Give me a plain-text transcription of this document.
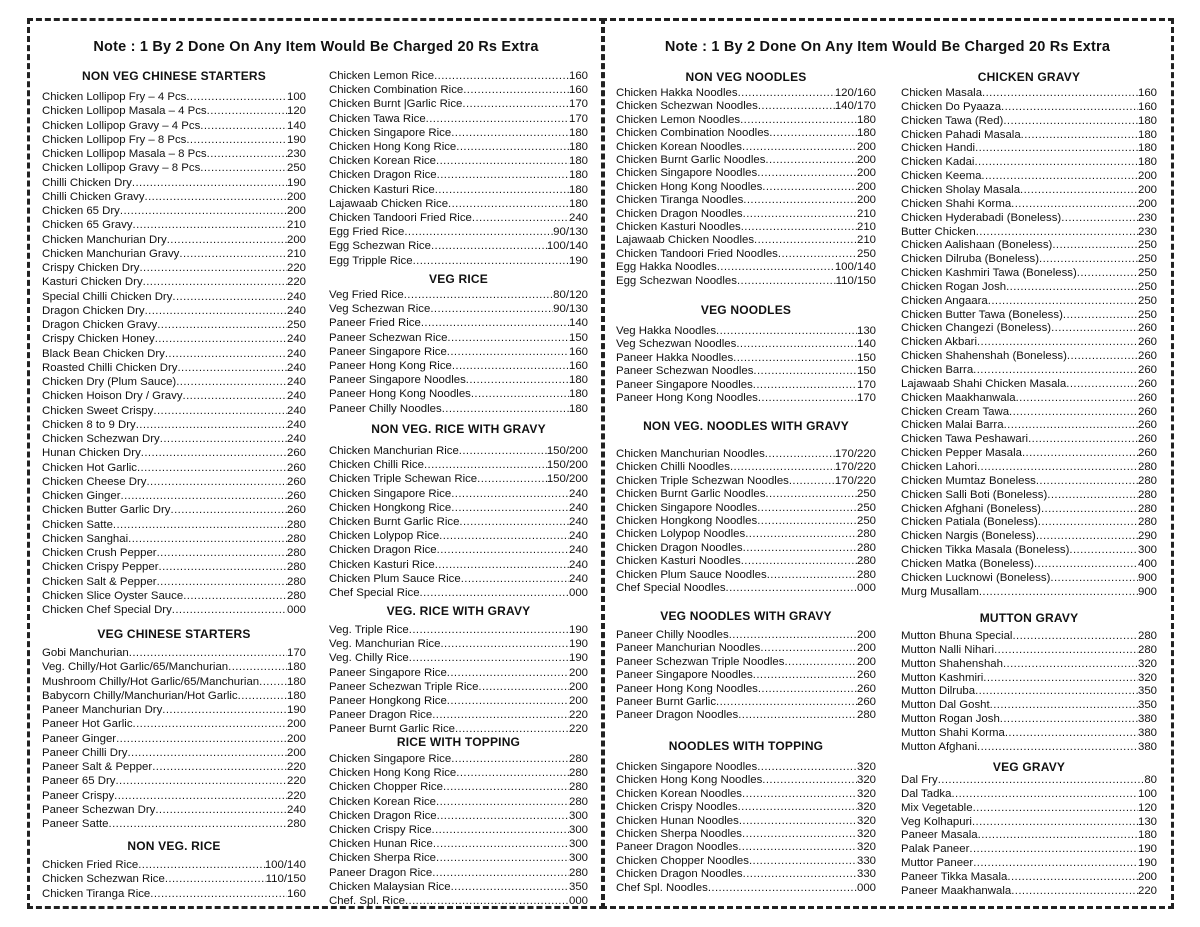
Note : 1 By 2 Done On Any Item Would Be Charged 20 Rs Extra
NON VEG CHINESE STARTERS
Chicken Lollipop Fry – 4 Pcs .....	100
Chicken Lollipop Masala – 4 Pcs .....	120
Chicken Lollipop Gravy – 4 Pcs .....	140
Chicken Lollipop Fry – 8 Pcs .....	190
Chicken Lollipop Masala – 8 Pcs .....	230
Chicken Lollipop Gravy – 8 Pcs .....	250
Chilli Chicken Dry .....	190
Chilli Chicken Gravy .....	200
Chicken 65 Dry .....	200
Chicken 65 Gravy .....	210
Chicken Manchurian Dry .....	200
Chicken Manchurian Gravy .....	210
Crispy Chicken Dry .....	220
Kasturi Chicken Dry .....	220
Special Chilli Chicken Dry .....	240
Dragon Chicken Dry .....	240
Dragon Chicken Gravy .....	250
Crispy Chicken Honey .....	240
Black Bean Chicken Dry .....	240
Roasted Chilli Chicken Dry .....	240
Chicken Dry (Plum Sauce) .....	240
Chicken Hoison Dry / Gravy .....	240
Chicken Sweet Crispy .....	240
Chicken 8 to 9 Dry .....	240
Chicken Schezwan Dry .....	240
Hunan Chicken Dry .....	260
Chicken Hot Garlic .....	260
Chicken Cheese Dry .....	260
Chicken Ginger .....	260
Chicken Butter Garlic Dry .....	260
Chicken Satte .....	280
Chicken Sanghai .....	280
Chicken Crush Pepper .....	280
Chicken Crispy Pepper .....	280
Chicken Salt & Pepper .....	280
Chicken Slice Oyster Sauce .....	280
Chicken Chef Special Dry .....	000
VEG CHINESE STARTERS
Gobi Manchurian .....	170
Veg. Chilly/Hot Garlic/65/Manchurian .....	180
Mushroom Chilly/Hot Garlic/65/Manchurian ..... 180
Babycorn Chilly/Manchurian/Hot Garlic .....	180
Paneer Manchurian Dry .....	190
Paneer Hot Garlic .....	200
Paneer Ginger .....	200
Paneer Chilli Dry .....	200
Paneer Salt & Pepper .....	220
Paneer 65 Dry .....	220
Paneer Crispy .....	220
Paneer Schezwan Dry .....	240
Paneer Satte .....	280
NON VEG. RICE
Chicken Fried Rice .....	100/140
Chicken Schezwan Rice .....	110/150
Chicken Tiranga Rice .....	160
Chicken Lemon Rice .....	160
Chicken Combination Rice .....	160
Chicken Burnt |Garlic Rice .....	170
Chicken Tawa Rice .....	170
Chicken Singapore Rice .....	180
Chicken Hong Kong Rice .....	180
Chicken Korean Rice .....	180
Chicken Dragon Rice .....	180
Chicken Kasturi Rice .....	180
Lajawaab Chicken Rice .....	180
Chicken Tandoori Fried Rice .....	240
Egg Fried Rice .....	90/130
Egg Schezwan Rice .....	100/140
Egg Tripple Rice .....	190
VEG RICE
Veg Fried Rice .....	80/120
Veg Schezwan Rice .....	90/130
Paneer Fried Rice .....	140
Paneer Schezwan Rice .....	150
Paneer Singapore Rice .....	160
Paneer Hong Kong Rice .....	160
Paneer Singapore Noodles .....	180
Paneer Hong Kong Noodles .....	180
Paneer Chilly Noodles .....	180
NON VEG. RICE WITH GRAVY
Chicken Manchurian Rice .....	150/200
Chicken Chilli Rice .....	150/200
Chicken Triple Schewan Rice .....	150/200
Chicken Singapore Rice .....	240
Chicken Hongkong Rice .....	240
Chicken Burnt Garlic Rice .....	240
Chicken Lolypop Rice .....	240
Chicken Dragon Rice .....	240
Chicken Kasturi Rice .....	240
Chicken Plum Sauce Rice .....	240
Chef Special Rice .....	000
VEG. RICE WITH GRAVY
Veg. Triple Rice .....	190
Veg. Manchurian Rice .....	190
Veg. Chilly Rice .....	190
Paneer Singapore Rice .....	200
Paneer Schezwan Triple Rice .....	200
Paneer Hongkong Rice .....	200
Paneer Dragon Rice .....	220
Paneer Burnt Garlic Rice .....	220
RICE WITH TOPPING
Chicken Singapore Rice .....	280
Chicken Hong Kong Rice .....	280
Chicken Chopper Rice .....	280
Chicken Korean Rice .....	280
Chicken Dragon Rice .....	300
Chicken Crispy Rice .....	300
Chicken Hunan Rice .....	300
Chicken Sherpa Rice .....	300
Paneer Dragon Rice .....	280
Chicken Malaysian Rice .....	350
Chef. Spl. Rice .....	000
Note : 1 By 2 Done On Any Item Would Be Charged 20 Rs Extra
NON VEG NOODLES
Chicken Hakka Noodles .....	120/160
Chicken Schezwan Noodles .....	140/170
Chicken Lemon Noodles .....	180
Chicken Combination Noodles .....	180
Chicken Korean Noodles .....	200
Chicken Burnt Garlic Noodles .....	200
Chicken Singapore Noodles .....	200
Chicken Hong Kong Noodles .....	200
Chicken Tiranga Noodles .....	200
Chicken Dragon Noodles .....	210
Chicken Kasturi Noodles .....	210
Lajawaab Chicken Noodles .....	210
Chicken Tandoori Fried Noodles .....	250
Egg Hakka Noodles .....	100/140
Egg Schezwan Noodles .....	110/150
VEG NOODLES
Veg Hakka Noodles .....	130
Veg Schezwan Noodles .....	140
Paneer Hakka Noodles .....	150
Paneer Schezwan Noodles .....	150
Paneer Singapore Noodles .....	170
Paneer Hong Kong Noodles .....	170
NON VEG. NOODLES WITH GRAVY
Chicken Manchurian Noodles .....	170/220
Chicken Chilli Noodles .....	170/220
Chicken Triple Schezwan Noodles .....	170/220
Chicken Burnt Garlic Noodles .....	250
Chicken Singapore Noodles .....	250
Chicken Hongkong Noodles .....	250
Chicken Lolypop Noodles .....	280
Chicken Dragon Noodles .....	280
Chicken Kasturi Noodles .....	280
Chicken Plum Sauce Noodles .....	280
Chef Special Noodles .....	000
VEG NOODLES WITH GRAVY
Paneer Chilly Noodles .....	200
Paneer Manchurian Noodles .....	200
Paneer Schezwan Triple Noodles .....	200
Paneer Singapore Noodles .....	260
Paneer Hong Kong Noodles .....	260
Paneer Burnt Garlic .....	260
Paneer Dragon Noodles .....	280
NOODLES WITH TOPPING
Chicken Singapore Noodles .....	320
Chicken Hong Kong Noodles .....	320
Chicken Korean Noodles .....	320
Chicken Crispy Noodles .....	320
Chicken Hunan Noodles .....	320
Chicken Sherpa Noodles .....	320
Paneer Dragon Noodles .....	320
Chicken Chopper Noodles .....	330
Chicken Dragon Noodles .....	330
Chef Spl. Noodles .....	000
CHICKEN GRAVY
Chicken Masala .....	160
Chicken Do Pyaaza .....	160
Chicken Tawa (Red) .....	180
Chicken Pahadi Masala .....	180
Chicken Handi .....	180
Chicken Kadai .....	180
Chicken Keema .....	200
Chicken Sholay Masala .....	200
Chicken Shahi Korma .....	200
Chicken Hyderabadi (Boneless) .....	230
Butter Chicken .....	230
Chicken Aalishaan (Boneless) .....	250
Chicken Dilruba (Boneless) .....	250
Chicken Kashmiri Tawa (Boneless) .....	250
Chicken Rogan Josh .....	250
Chicken Angaara .....	250
Chicken Butter Tawa (Boneless) .....	250
Chicken Changezi (Boneless) .....	260
Chicken Akbari .....	260
Chicken Shahenshah (Boneless) .....	260
Chicken Barra .....	260
Lajawaab Shahi Chicken Masala .....	260
Chicken Maakhanwala .....	260
Chicken Cream Tawa .....	260
Chicken Malai Barra .....	260
Chicken Tawa Peshawari .....	260
Chicken Pepper Masala .....	260
Chicken Lahori .....	280
Chicken Mumtaz Boneless .....	280
Chicken Salli Boti (Boneless) .....	280
Chicken Afghani (Boneless) .....	280
Chicken Patiala (Boneless) .....	280
Chicken Nargis (Boneless) .....	290
Chicken Tikka Masala (Boneless) .....	300
Chicken Matka (Boneless) .....	400
Chicken Lucknowi (Boneless) .....	900
Murg Musallam .....	900
MUTTON GRAVY
Mutton Bhuna Special .....	280
Mutton Nalli Nihari .....	280
Mutton Shahenshah .....	320
Mutton Kashmiri .....	320
Mutton Dilruba .....	350
Mutton Dal Gosht .....	350
Mutton Rogan Josh .....	380
Mutton Shahi Korma .....	380
Mutton Afghani .....	380
VEG GRAVY
Dal Fry .....	80
Dal Tadka .....	100
Mix Vegetable .....	120
Veg Kolhapuri .....	130
Paneer Masala .....	180
Palak Paneer .....	190
Muttor Paneer .....	190
Paneer Tikka Masala .....	200
Paneer Maakhanwala .....	220
